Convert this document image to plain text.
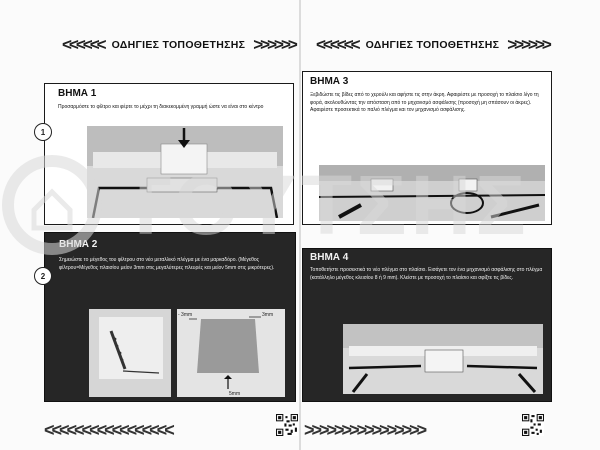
<<<<<< ΟΔΗΓΙΕΣ ΤΟΠΟΘΕΤΗΣΗΣ >>>>>> <<<<<< ΟΔΗΓΙΕΣ ΤΟΠΟΘΕΤΗΣΗΣ >>>>>>
ΒΗΜΑ 1
Προσαρμόστε το φίλτρο και φέρτε το μέχρι τη διακεκομμένη γραμμή ώστε να είναι στο κέντρο
1
ΒΗΜΑ 2
Σημειώστε το μέγεθος του φίλτρου στο νέο μεταλλικό πλέγμα με ένα μαρκαδόρο. (Μέγεθος φίλτρου=Μέγεθος πλαισίου μείον 3mm στις μεγαλύτερες πλευρές και μείον 5mm στις μικρότερες).
- 3mm	3mm
5mm
2
ΒΗΜΑ 3
Ξεβιδώστε τις βίδες από το χερούλι και αφήστε τις στην άκρη. Αφαιρέστε με προσοχή το πλαίσιο λίγο τη φορά, ακολουθώντας την απόσταση από το μηχανισμό ασφάλισης (προσοχή μη σπάσουν οι άκρες). Αφαιρέστε προσεκτικά το παλιό πλέγμα και τον μηχανισμό ασφάλισης.
ΒΗΜΑ 4
Τοποθετήστε προσεκτικά το νέο πλέγμα στο πλαίσιο. Εισάγετε τον ένα μηχανισμό ασφάλισης στο πλέγμα (κατάλληλο μέγεθος κλεισίου 8 ή 9 mm). Κλείστε με προσοχή το πλαίσιο και σφίξτε τις βίδες.
ΤΟΥΤΣΗΣ
<<<<<<<<<<<<<<<<<	>>>>>>>>>>>>>>>>
